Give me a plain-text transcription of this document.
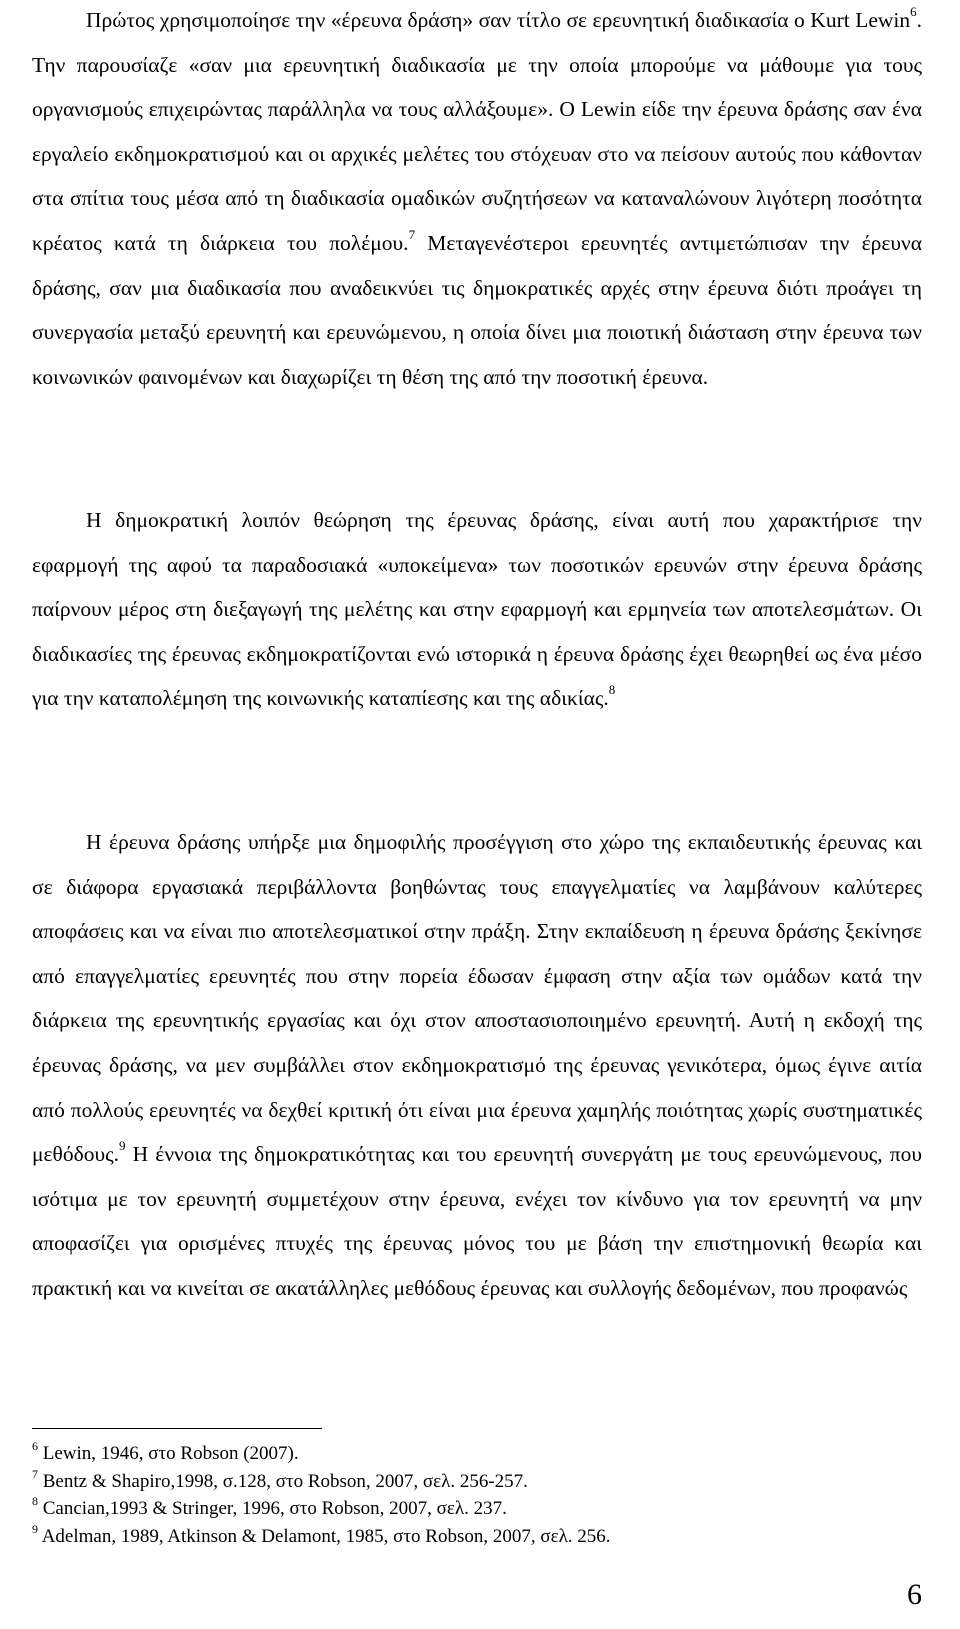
Πρώτος χρησιμοποίησε την «έρευνα δράση» σαν τίτλο σε ερευνητική διαδικασία ο Kurt Lewin$^6$. Την παρουσίαζε «σαν μια ερευνητική διαδικασία με την οποία μπορούμε να μάθουμε για τους οργανισμούς επιχειρώντας παράλληλα να τους αλλάξουμε». Ο Lewin είδε την έρευνα δράσης σαν ένα εργαλείο εκδημοκρατισμού και οι αρχικές μελέτες του στόχευαν στο να πείσουν αυτούς που κάθονταν στα σπίτια τους μέσα από τη διαδικασία ομαδικών συζητήσεων να καταναλώνουν λιγότερη ποσότητα κρέατος κατά τη διάρκεια του πολέμου.$^7$ Μεταγενέστεροι ερευνητές αντιμετώπισαν την έρευνα δράσης, σαν μια διαδικασία που αναδεικνύει τις δημοκρατικές αρχές στην έρευνα διότι προάγει τη συνεργασία μεταξύ ερευνητή και ερευνώμενου, η οποία δίνει μια ποιοτική διάσταση στην έρευνα των κοινωνικών φαινομένων και διαχωρίζει τη θέση της από την ποσοτική έρευνα.

Η δημοκρατική λοιπόν θεώρηση της έρευνας δράσης, είναι αυτή που χαρακτήρισε την εφαρμογή της αφού τα παραδοσιακά «υποκείμενα» των ποσοτικών ερευνών στην έρευνα δράσης παίρνουν μέρος στη διεξαγωγή της μελέτης και στην εφαρμογή και ερμηνεία των αποτελεσμάτων. Οι διαδικασίες της έρευνας εκδημοκρατίζονται ενώ ιστορικά η έρευνα δράσης έχει θεωρηθεί ως ένα μέσο για την καταπολέμηση της κοινωνικής καταπίεσης και της αδικίας.$^8$

Η έρευνα δράσης υπήρξε μια δημοφιλής προσέγγιση στο χώρο της εκπαιδευτικής έρευνας και σε διάφορα εργασιακά περιβάλλοντα βοηθώντας τους επαγγελματίες να λαμβάνουν καλύτερες αποφάσεις και να είναι πιο αποτελεσματικοί στην πράξη. Στην εκπαίδευση η έρευνα δράσης ξεκίνησε από επαγγελματίες ερευνητές που στην πορεία έδωσαν έμφαση στην αξία των ομάδων κατά την διάρκεια της ερευνητικής εργασίας και όχι στον αποστασιοποιημένο ερευνητή. Αυτή η εκδοχή της έρευνας δράσης, να μεν συμβάλλει στον εκδημοκρατισμό της έρευνας γενικότερα, όμως έγινε αιτία από πολλούς ερευνητές να δεχθεί κριτική ότι είναι μια έρευνα χαμηλής ποιότητας χωρίς συστηματικές μεθόδους.$^9$ Η έννοια της δημοκρατικότητας και του ερευνητή συνεργάτη με τους ερευνώμενους, που ισότιμα με τον ερευνητή συμμετέχουν στην έρευνα, ενέχει τον κίνδυνο για τον ερευνητή να μην αποφασίζει για ορισμένες πτυχές της έρευνας μόνος του με βάση την επιστημονική θεωρία και πρακτική και να κινείται σε ακατάλληλες μεθόδους έρευνας και συλλογής δεδομένων, που προφανώς

$^6$ Lewin, 1946, στο Robson (2007).

$^7$ Bentz & Shapiro,1998, σ.128, στο Robson, 2007, σελ. 256-257.

$^8$ Cancian,1993 & Stringer, 1996, στο Robson, 2007, σελ. 237.

$^9$ Adelman, 1989, Atkinson & Delamont, 1985, στο Robson, 2007, σελ. 256.

6
